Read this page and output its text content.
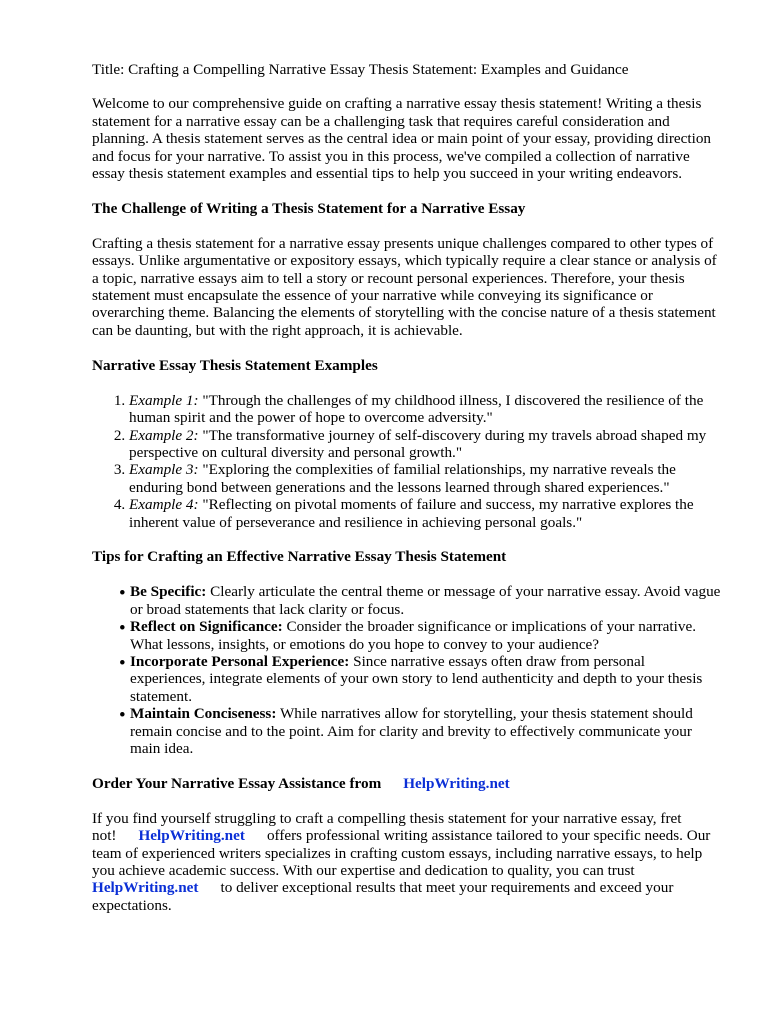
Title: Crafting a Compelling Narrative Essay Thesis Statement: Examples and Guidance

Welcome to our comprehensive guide on crafting a narrative essay thesis statement! Writing a thesis statement for a narrative essay can be a challenging task that requires careful consideration and planning. A thesis statement serves as the central idea or main point of your essay, providing direction and focus for your narrative. To assist you in this process, we've compiled a collection of narrative essay thesis statement examples and essential tips to help you succeed in your writing endeavors.

The Challenge of Writing a Thesis Statement for a Narrative Essay

Crafting a thesis statement for a narrative essay presents unique challenges compared to other types of essays. Unlike argumentative or expository essays, which typically require a clear stance or analysis of a topic, narrative essays aim to tell a story or recount personal experiences. Therefore, your thesis statement must encapsulate the essence of your narrative while conveying its significance or overarching theme. Balancing the elements of storytelling with the concise nature of a thesis statement can be daunting, but with the right approach, it is achievable.

Narrative Essay Thesis Statement Examples
1. Example 1: "Through the challenges of my childhood illness, I discovered the resilience of the human spirit and the power of hope to overcome adversity."
2. Example 2: "The transformative journey of self-discovery during my travels abroad shaped my perspective on cultural diversity and personal growth."
3. Example 3: "Exploring the complexities of familial relationships, my narrative reveals the enduring bond between generations and the lessons learned through shared experiences."
4. Example 4: "Reflecting on pivotal moments of failure and success, my narrative explores the inherent value of perseverance and resilience in achieving personal goals."
Tips for Crafting an Effective Narrative Essay Thesis Statement
• Be Specific: Clearly articulate the central theme or message of your narrative essay. Avoid vague or broad statements that lack clarity or focus.
• Reflect on Significance: Consider the broader significance or implications of your narrative. What lessons, insights, or emotions do you hope to convey to your audience?
• Incorporate Personal Experience: Since narrative essays often draw from personal experiences, integrate elements of your own story to lend authenticity and depth to your thesis statement.
• Maintain Conciseness: While narratives allow for storytelling, your thesis statement should remain concise and to the point. Aim for clarity and brevity to effectively communicate your main idea.
Order Your Narrative Essay Assistance from HelpWriting.net

If you find yourself struggling to craft a compelling thesis statement for your narrative essay, fret not! HelpWriting.net offers professional writing assistance tailored to your specific needs. Our team of experienced writers specializes in crafting custom essays, including narrative essays, to help you achieve academic success. With our expertise and dedication to quality, you can trust HelpWriting.net to deliver exceptional results that meet your requirements and exceed your expectations.
